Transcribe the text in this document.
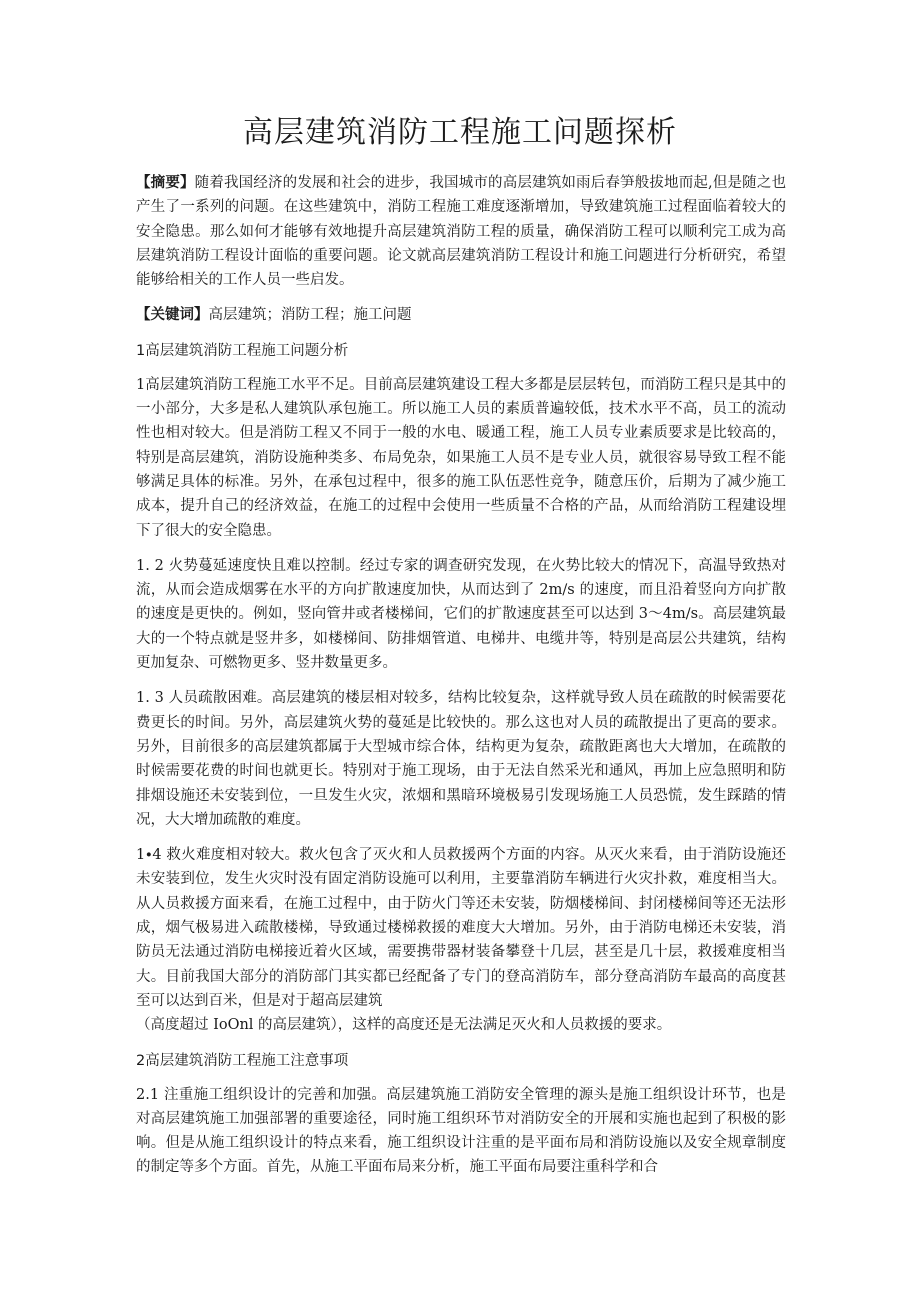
高层建筑消防工程施工问题探析

【摘要】随着我国经济的发展和社会的进步，我国城市的高层建筑如雨后春笋般拔地而起,但是随之也产生了一系列的问题。在这些建筑中，消防工程施工难度逐渐增加，导致建筑施工过程面临着较大的安全隐患。那么如何才能够有效地提升高层建筑消防工程的质量，确保消防工程可以顺利完工成为高层建筑消防工程设计面临的重要问题。论文就高层建筑消防工程设计和施工问题进行分析研究，希望能够给相关的工作人员一些启发。

【关键词】高层建筑；消防工程；施工问题

1高层建筑消防工程施工问题分析

1高层建筑消防工程施工水平不足。目前高层建筑建设工程大多都是层层转包，而消防工程只是其中的一小部分，大多是私人建筑队承包施工。所以施工人员的素质普遍较低，技术水平不高，员工的流动性也相对较大。但是消防工程又不同于一般的水电、暖通工程，施工人员专业素质要求是比较高的，特别是高层建筑，消防设施种类多、布局免杂，如果施工人员不是专业人员，就很容易导致工程不能够满足具体的标准。另外，在承包过程中，很多的施工队伍恶性竞争，随意压价，后期为了减少施工成本，提升自己的经济效益，在施工的过程中会使用一些质量不合格的产品，从而给消防工程建设埋下了很大的安全隐患。

1. 2 火势蔓延速度快且难以控制。经过专家的调查研究发现，在火势比较大的情况下，高温导致热对流，从而会造成烟雾在水平的方向扩散速度加快，从而达到了 2m∕s 的速度，而且沿着竖向方向扩散的速度是更快的。例如，竖向管井或者楼梯间，它们的扩散速度甚至可以达到 3～4m∕s。高层建筑最大的一个特点就是竖井多，如楼梯间、防排烟管道、电梯井、电缆井等，特别是高层公共建筑，结构更加复杂、可燃物更多、竖井数量更多。

1. 3 人员疏散困难。高层建筑的楼层相对较多，结构比较复杂，这样就导致人员在疏散的时候需要花费更长的时间。另外，高层建筑火势的蔓延是比较快的。那么这也对人员的疏散提出了更高的要求。另外，目前很多的高层建筑都属于大型城市综合体，结构更为复杂，疏散距离也大大增加，在疏散的时候需要花费的时间也就更长。特别对于施工现场，由于无法自然采光和通风，再加上应急照明和防排烟设施还未安装到位，一旦发生火灾，浓烟和黑暗环境极易引发现场施工人员恐慌，发生踩踏的情况，大大增加疏散的难度。

1∙4 救火难度相对较大。救火包含了灭火和人员救援两个方面的内容。从灭火来看，由于消防设施还未安装到位，发生火灾时没有固定消防设施可以利用，主要靠消防车辆进行火灾扑救，难度相当大。从人员救援方面来看，在施工过程中，由于防火门等还未安装，防烟楼梯间、封闭楼梯间等还无法形成，烟气极易进入疏散楼梯，导致通过楼梯救援的难度大大增加。另外，由于消防电梯还未安装，消防员无法通过消防电梯接近着火区域，需要携带器材装备攀登十几层，甚至是几十层，救援难度相当大。目前我国大部分的消防部门其实都已经配备了专门的登高消防车，部分登高消防车最高的高度甚至可以达到百米，但是对于超高层建筑

（高度超过 IoOnl 的高层建筑），这样的高度还是无法满足灭火和人员救援的要求。

2高层建筑消防工程施工注意事项

2.1 注重施工组织设计的完善和加强。高层建筑施工消防安全管理的源头是施工组织设计环节，也是对高层建筑施工加强部署的重要途径，同时施工组织环节对消防安全的开展和实施也起到了积极的影响。但是从施工组织设计的特点来看，施工组织设计注重的是平面布局和消防设施以及安全规章制度的制定等多个方面。首先，从施工平面布局来分析，施工平面布局要注重科学和合
